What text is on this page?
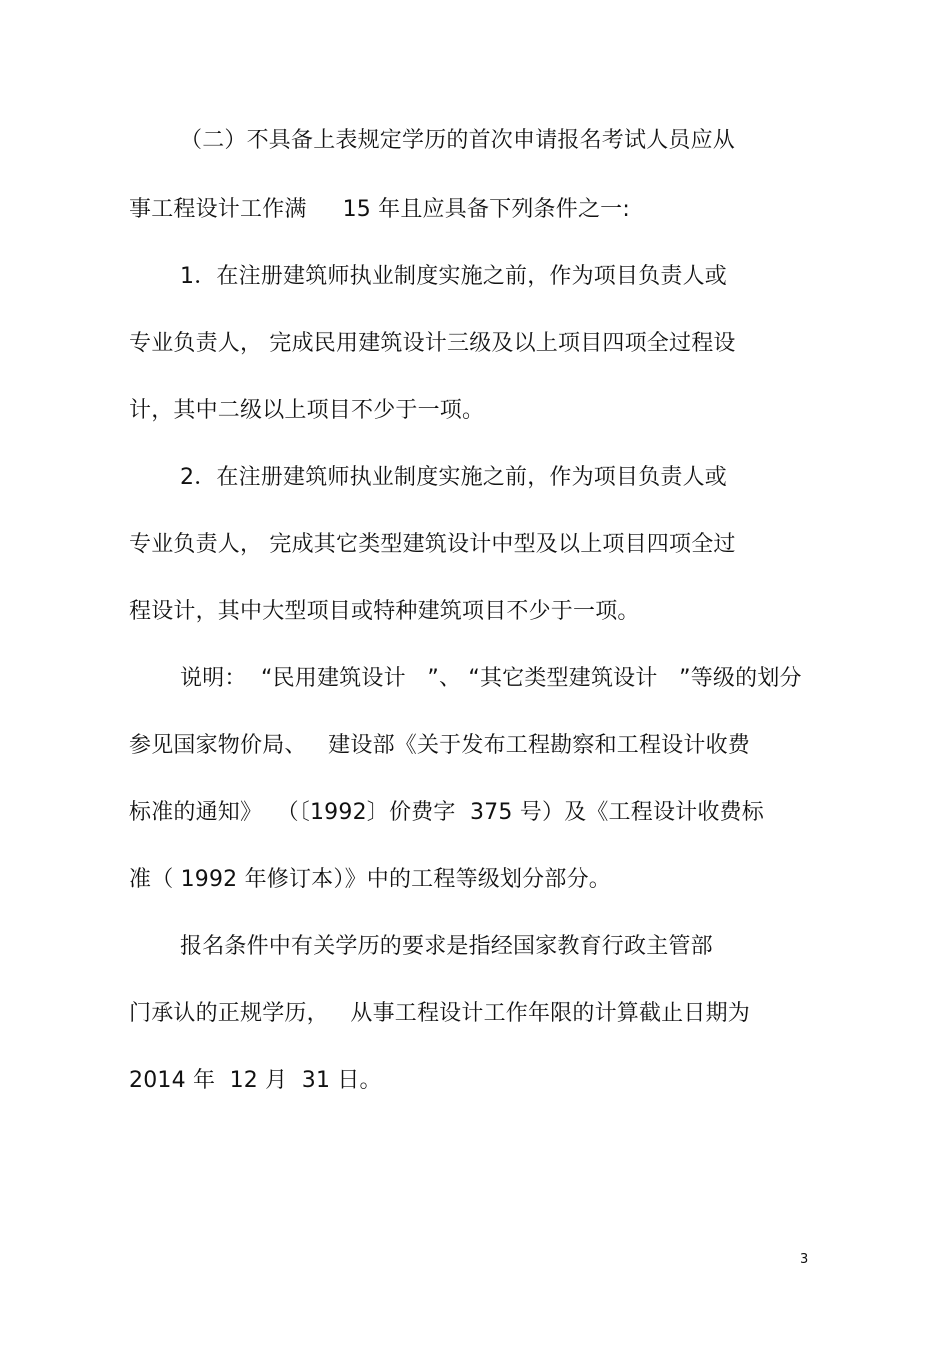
（二）不具备上表规定学历的首次申请报名考试人员应从
事工程设计工作满     15 年且应具备下列条件之一:
1．在注册建筑师执业制度实施之前，作为项目负责人或
专业负责人， 完成民用建筑设计三级及以上项目四项全过程设
计，其中二级以上项目不少于一项。
2．在注册建筑师执业制度实施之前，作为项目负责人或
专业负责人， 完成其它类型建筑设计中型及以上项目四项全过
程设计，其中大型项目或特种建筑项目不少于一项。
说明：  “民用建筑设计   ”、 “其它类型建筑设计   ”等级的划分
参见国家物价局、   建设部《关于发布工程勘察和工程设计收费
标准的通知》  （〔1992〕价费字  375 号）及《工程设计收费标
准（ 1992 年修订本）》中的工程等级划分部分。
报名条件中有关学历的要求是指经国家教育行政主管部
门承认的正规学历，   从事工程设计工作年限的计算截止日期为
2014 年  12 月  31 日。
3
